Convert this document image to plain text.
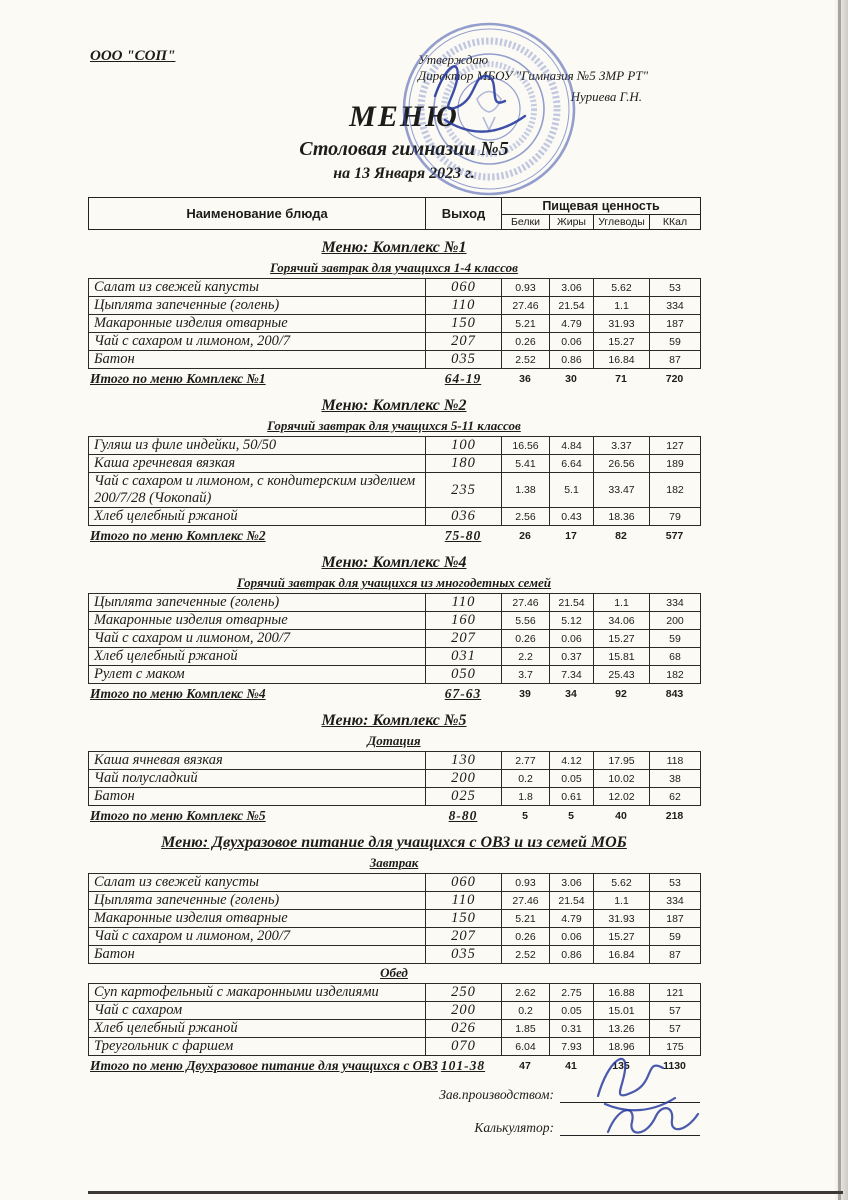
ООО "СОП"	Утверждаю
Директор МБОУ "Гимназия №5 ЗМР РТ"
Нуриева Г.Н.
МЕНЮ
Столовая гимназии №5
на 13 Января 2023 г.
Наименование блюда	Выход	Пищевая ценность			
		Белки	Жиры	Углеводы	ККал
Меню: Комплекс №1
Горячий завтрак для учащихся 1-4 классов
Салат из свежей капусты	060	0.93	3.06	5.62	53
Цыплята запеченные (голень)	110	27.46	21.54	1.1	334
Макаронные изделия отварные	150	5.21	4.79	31.93	187
Чай с сахаром и лимоном, 200/7	207	0.26	0.06	15.27	59
Батон	035	2.52	0.86	16.84	87
Итого по меню Комплекс №1	64-19	36	30	71	720
Меню: Комплекс №2
Горячий завтрак для учащихся 5-11 классов
Гуляш из филе индейки, 50/50	100	16.56	4.84	3.37	127
Каша гречневая вязкая	180	5.41	6.64	26.56	189
Чай с сахаром и лимоном, с кондитерским изделием 200/7/28 (Чокопай)	235	1.38	5.1	33.47	182
Хлеб целебный ржаной	036	2.56	0.43	18.36	79
Итого по меню Комплекс №2	75-80	26	17	82	577
Меню: Комплекс №4
Горячий завтрак для учащихся из многодетных семей
Цыплята запеченные (голень)	110	27.46	21.54	1.1	334
Макаронные изделия отварные	160	5.56	5.12	34.06	200
Чай с сахаром и лимоном, 200/7	207	0.26	0.06	15.27	59
Хлеб целебный ржаной	031	2.2	0.37	15.81	68
Рулет с маком	050	3.7	7.34	25.43	182
Итого по меню Комплекс №4	67-63	39	34	92	843
Меню: Комплекс №5
Дотация
Каша ячневая вязкая	130	2.77	4.12	17.95	118
Чай полусладкий	200	0.2	0.05	10.02	38
Батон	025	1.8	0.61	12.02	62
Итого по меню Комплекс №5	8-80	5	5	40	218
Меню: Двухразовое питание для учащихся с ОВЗ и из семей МОБ
Завтрак
Салат из свежей капусты	060	0.93	3.06	5.62	53
Цыплята запеченные (голень)	110	27.46	21.54	1.1	334
Макаронные изделия отварные	150	5.21	4.79	31.93	187
Чай с сахаром и лимоном, 200/7	207	0.26	0.06	15.27	59
Батон	035	2.52	0.86	16.84	87
Обед
Суп картофельный с макаронными изделиями	250	2.62	2.75	16.88	121
Чай с сахаром	200	0.2	0.05	15.01	57
Хлеб целебный ржаной	026	1.85	0.31	13.26	57
Треугольник с фаршем	070	6.04	7.93	18.96	175
Итого по меню Двухразовое питание для учащихся с ОВЗ	101-38	47	41	135	1130
Зав.производством:
Калькулятор:
